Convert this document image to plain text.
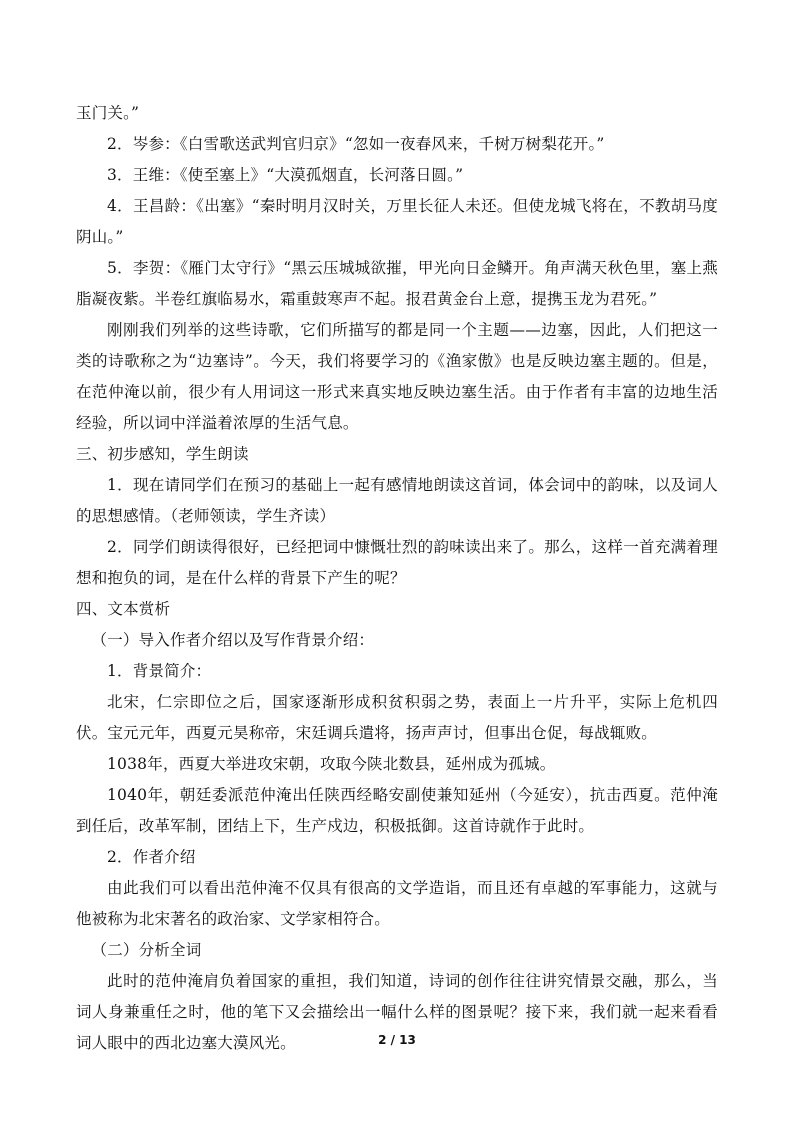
玉门关。”

2．岑参：《白雪歌送武判官归京》“忽如一夜春风来，千树万树梨花开。”

3．王维：《使至塞上》“大漠孤烟直，长河落日圆。”

4．王昌龄：《出塞》“秦时明月汉时关，万里长征人未还。但使龙城飞将在，不教胡马度阴山。”

5．李贺：《雁门太守行》“黑云压城城欲摧，甲光向日金鳞开。角声满天秋色里，塞上燕脂凝夜紫。半卷红旗临易水，霜重鼓寒声不起。报君黄金台上意，提携玉龙为君死。”

刚刚我们列举的这些诗歌，它们所描写的都是同一个主题——边塞，因此，人们把这一类的诗歌称之为“边塞诗”。今天，我们将要学习的《渔家傲》也是反映边塞主题的。但是，在范仲淹以前，很少有人用词这一形式来真实地反映边塞生活。由于作者有丰富的边地生活经验，所以词中洋溢着浓厚的生活气息。

三、初步感知，学生朗读

1．现在请同学们在预习的基础上一起有感情地朗读这首词，体会词中的韵味，以及词人的思想感情。（老师领读，学生齐读）

2．同学们朗读得很好，已经把词中慷慨壮烈的韵味读出来了。那么，这样一首充满着理想和抱负的词，是在什么样的背景下产生的呢？

四、文本赏析

（一）导入作者介绍以及写作背景介绍：

1．背景简介：

北宋，仁宗即位之后，国家逐渐形成积贫积弱之势，表面上一片升平，实际上危机四伏。宝元元年，西夏元昊称帝，宋廷调兵遣将，扬声声讨，但事出仓促，每战辄败。

1038年，西夏大举进攻宋朝，攻取今陕北数县，延州成为孤城。

1040年，朝廷委派范仲淹出任陕西经略安副使兼知延州（今延安），抗击西夏。范仲淹到任后，改革军制，团结上下，生产戍边，积极抵御。这首诗就作于此时。

2．作者介绍

由此我们可以看出范仲淹不仅具有很高的文学造诣，而且还有卓越的军事能力，这就与他被称为北宋著名的政治家、文学家相符合。

（二）分析全词

此时的范仲淹肩负着国家的重担，我们知道，诗词的创作往往讲究情景交融，那么，当词人身兼重任之时，他的笔下又会描绘出一幅什么样的图景呢？接下来，我们就一起来看看词人眼中的西北边塞大漠风光。	2 / 13
